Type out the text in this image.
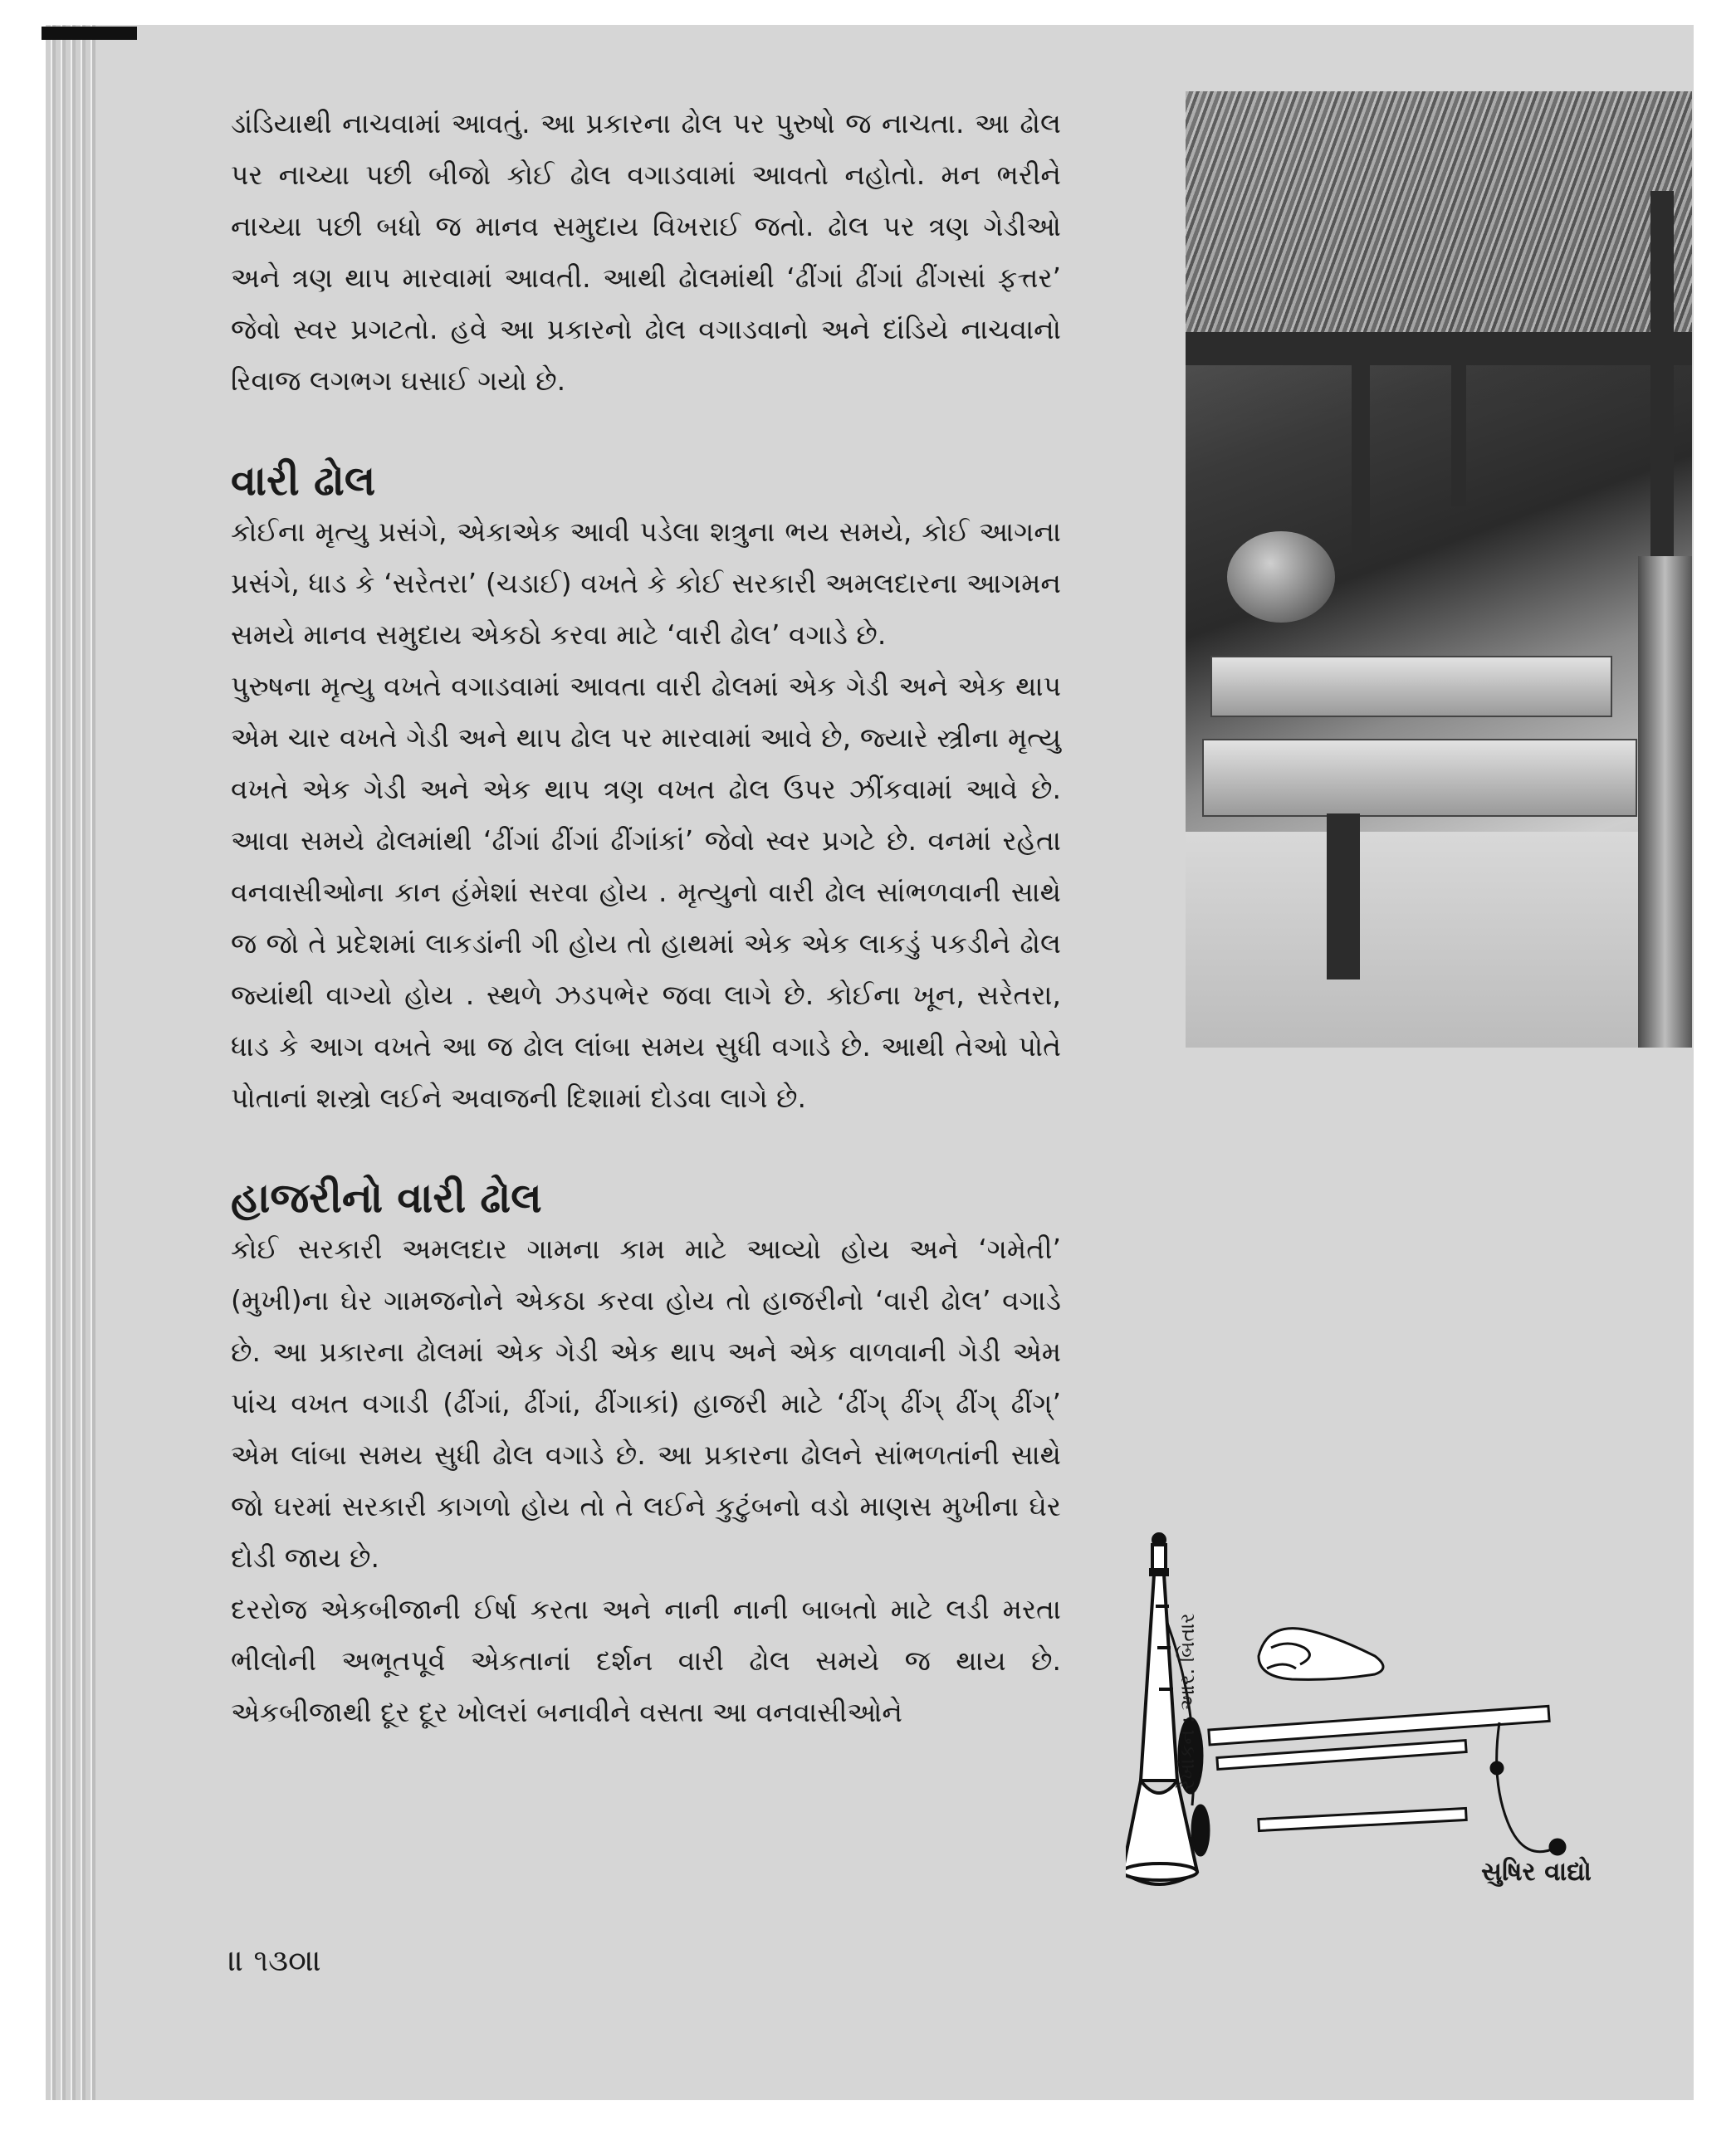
ડાંડિયાથી નાચવામાં આવતું. આ પ્રકારના ઢોલ પર પુરુષો જ નાચતા. આ ઢોલ પર નાચ્યા પછી બીજો કોઈ ઢોલ વગાડવામાં આવતો નહોતો. મન ભરીને નાચ્યા પછી બધો જ માનવ સમુદાય વિખરાઈ જતો. ઢોલ પર ત્રણ ગેડીઓ અને ત્રણ થાપ મારવામાં આવતી. આથી ઢોલમાંથી ‘ઢીંગાં ઢીંગાં ઢીંગસાં ફત્તર’ જેવો સ્વર પ્રગટતો. હવે આ પ્રકારનો ઢોલ વગાડવાનો અને દાંડિયે નાચવાનો રિવાજ લગભગ ઘસાઈ ગયો છે.

વારી ઢોલ

કોઈના મૃત્યુ પ્રસંગે, એકાએક આવી પડેલા શત્રુના ભય સમયે, કોઈ આગના પ્રસંગે, ધાડ કે ‘સરેતરા’ (ચડાઈ) વખતે કે કોઈ સરકારી અમલદારના આગમન સમયે માનવ સમુદાય એકઠો કરવા માટે ‘વારી ઢોલ’ વગાડે છે.

પુરુષના મૃત્યુ વખતે વગાડવામાં આવતા વારી ઢોલમાં એક ગેડી અને એક થાપ એમ ચાર વખતે ગેડી અને થાપ ઢોલ પર મારવામાં આવે છે, જ્યારે સ્ત્રીના મૃત્યુ વખતે એક ગેડી અને એક થાપ ત્રણ વખત ઢોલ ઉપર ઝીંકવામાં આવે છે. આવા સમયે ઢોલમાંથી ‘ઢીંગાં ઢીંગાં ઢીંગાંકાં’ જેવો સ્વર પ્રગટે છે. વનમાં રહેતા વનવાસીઓના કાન હંમેશાં સરવા હોય . મૃત્યુનો વારી ઢોલ સાંભળવાની સાથે જ જો તે પ્રદેશમાં લાકડાંની ગી હોય તો હાથમાં એક એક લાકડું પકડીને ઢોલ જ્યાંથી વાગ્યો હોય . સ્થળે ઝડપભેર જવા લાગે છે. કોઈના ખૂન, સરેતરા, ધાડ કે આગ વખતે આ જ ઢોલ લાંબા સમય સુધી વગાડે છે. આથી તેઓ પોતે પોતાનાં શસ્ત્રો લઈને અવાજની દિશામાં દોડવા લાગે છે.

હાજરીનો વારી ઢોલ

કોઈ સરકારી અમલદાર ગામના કામ માટે આવ્યો હોય અને ‘ગમેતી’ (મુખી)ના ઘેર ગામજનોને એકઠા કરવા હોય તો હાજરીનો ‘વારી ઢોલ’ વગાડે છે. આ પ્રકારના ઢોલમાં એક ગેડી એક થાપ અને એક વાળવાની ગેડી એમ પાંચ વખત વગાડી (ઢીંગાં, ઢીંગાં, ઢીંગાકાં) હાજરી માટે ‘ઢીંગ્ ઢીંગ્ ઢીંગ્ ઢીંગ્’ એમ લાંબા સમય સુધી ઢોલ વગાડે છે. આ પ્રકારના ઢોલને સાંભળતાંની સાથે જો ઘરમાં સરકારી કાગળો હોય તો તે લઈને કુટુંબનો વડો માણસ મુખીના ઘેર દોડી જાય છે.

દરરોજ એકબીજાની ઈર્ષા કરતા અને નાની નાની બાબતો માટે લડી મરતા ભીલોની અભૂતપૂર્વ એકતાનાં દર્શન વારી ઢોલ સમયે જ થાય છે. એકબીજાથી દૂર દૂર ખોલરાં બનાવીને વસતા આ વનવાસીઓને	રેખાંકન : આર. બિતાર
સુષિર વાદ્યો
॥ ૧૩૦॥
